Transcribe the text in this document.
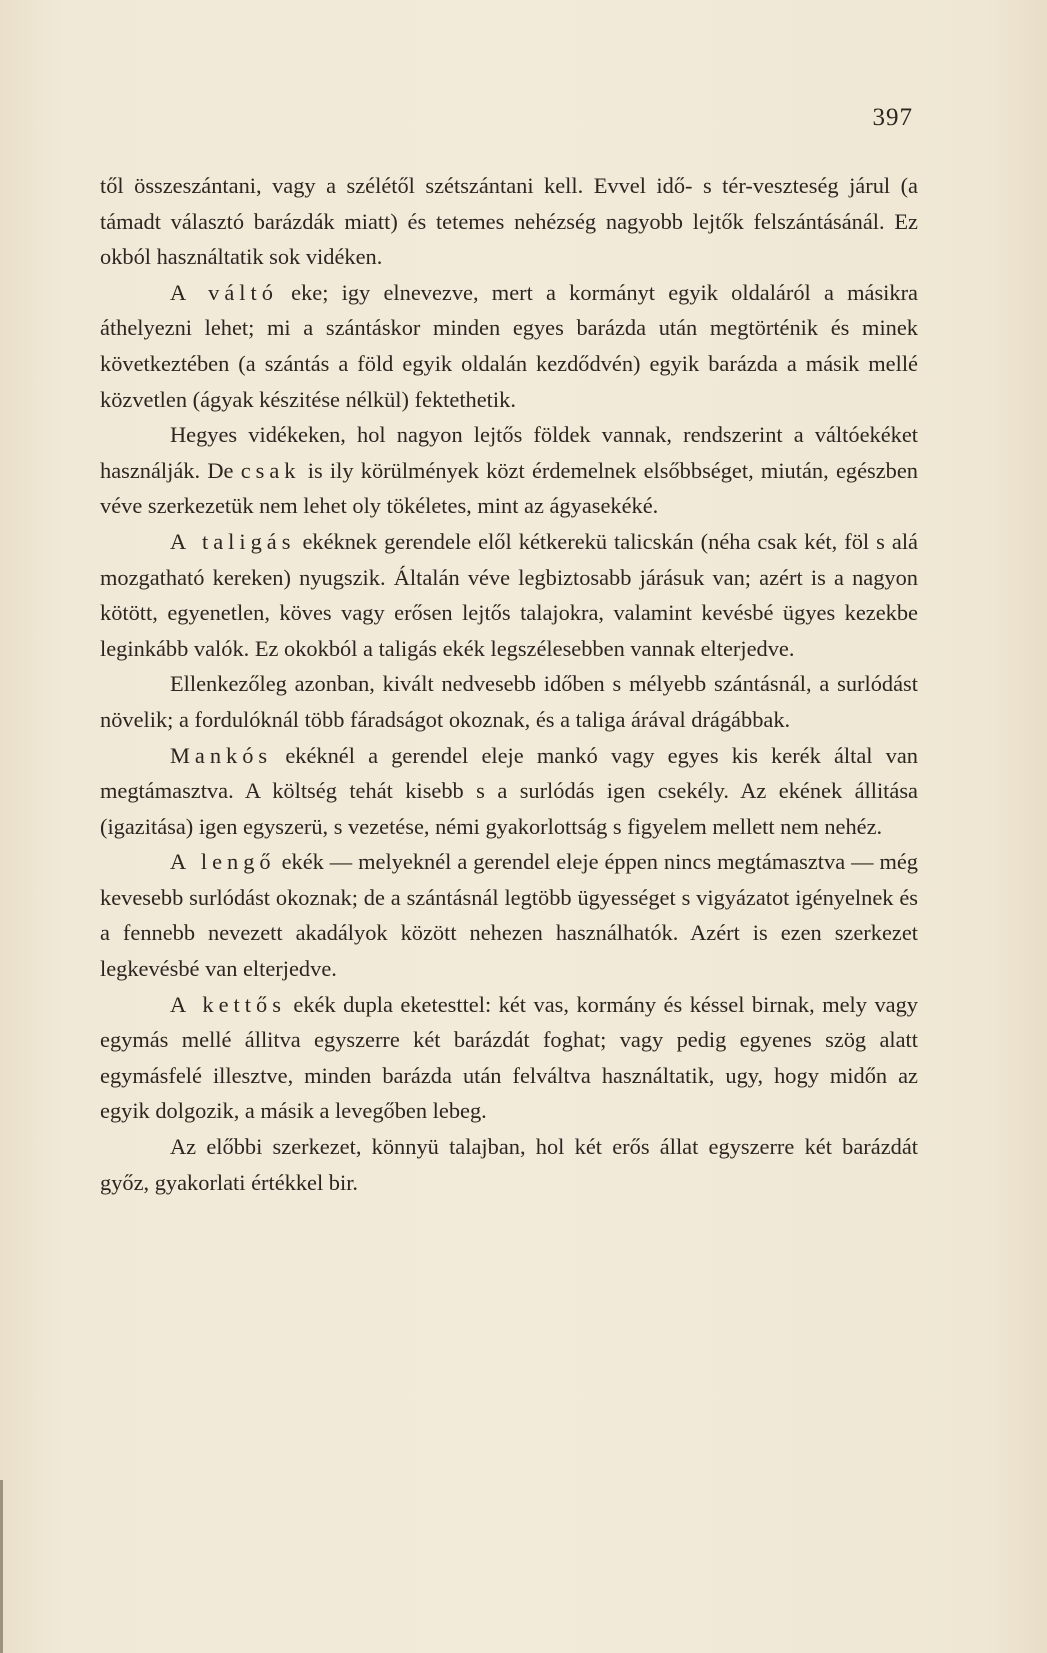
397

től összeszántani, vagy a szélétől szétszántani kell. Evvel idő- s tér-veszteség járul (a támadt választó barázdák miatt) és tetemes nehézség nagyobb lejtők felszántásánál. Ez okból használtatik sok vidéken.

A váltó eke; igy elnevezve, mert a kormányt egyik oldaláról a másikra áthelyezni lehet; mi a szántáskor minden egyes barázda után megtörténik és minek következtében (a szántás a föld egyik oldalán kezdődvén) egyik barázda a másik mellé közvetlen (ágyak készitése nélkül) fektethetik.

Hegyes vidékeken, hol nagyon lejtős földek vannak, rendszerint a váltóekéket használják. De csak is ily körülmények közt érdemelnek elsőbbséget, miután, egészben véve szerkezetük nem lehet oly tökéletes, mint az ágyasekéké.

A taligás ekéknek gerendele elől kétkerekü talicskán (néha csak két, föl s alá mozgatható kereken) nyugszik. Általán véve legbiztosabb járásuk van; azért is a nagyon kötött, egyenetlen, köves vagy erősen lejtős talajokra, valamint kevésbé ügyes kezekbe leginkább valók. Ez okokból a taligás ekék legszélesebben vannak elterjedve.

Ellenkezőleg azonban, kivált nedvesebb időben s mélyebb szántásnál, a surlódást növelik; a fordulóknál több fáradságot okoznak, és a taliga árával drágábbak.

Mankós ekéknél a gerendel eleje mankó vagy egyes kis kerék által van megtámasztva. A költség tehát kisebb s a surlódás igen csekély. Az ekének állitása (igazitása) igen egyszerü, s vezetése, némi gyakorlottság s figyelem mellett nem nehéz.

A lengő ekék — melyeknél a gerendel eleje éppen nincs megtámasztva — még kevesebb surlódást okoznak; de a szántásnál legtöbb ügyességet s vigyázatot igényelnek és a fennebb nevezett akadályok között nehezen használhatók. Azért is ezen szerkezet legkevésbé van elterjedve.

A kettős ekék dupla eketesttel: két vas, kormány és késsel birnak, mely vagy egymás mellé állitva egyszerre két barázdát foghat; vagy pedig egyenes szög alatt egymásfelé illesztve, minden barázda után felváltva használtatik, ugy, hogy midőn az egyik dolgozik, a másik a levegőben lebeg.

Az előbbi szerkezet, könnyü talajban, hol két erős állat egyszerre két barázdát győz, gyakorlati értékkel bir.
